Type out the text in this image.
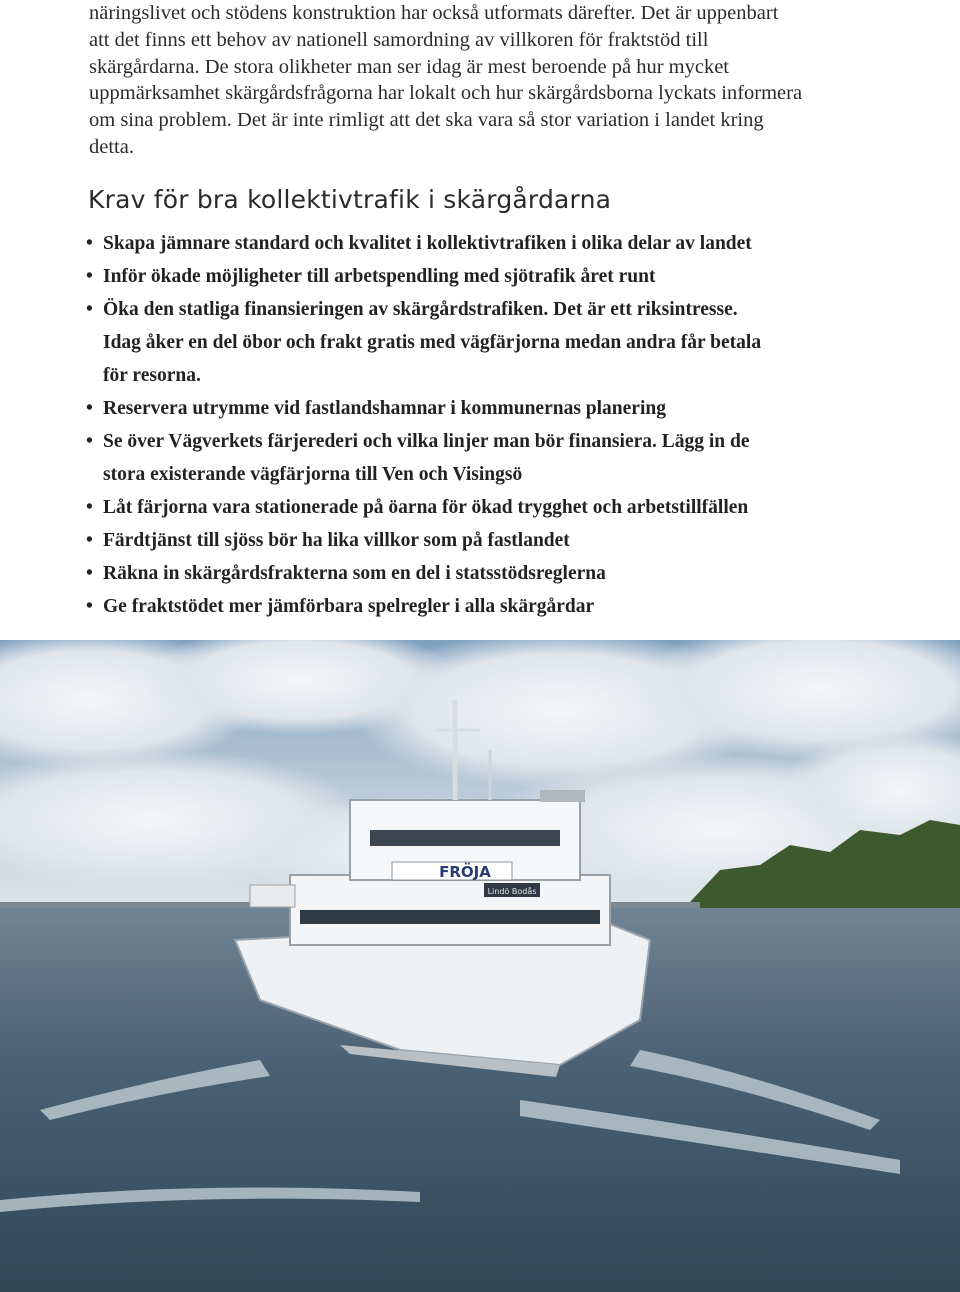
näringslivet och stödens konstruktion har också utformats därefter. Det är uppenbart
att det finns ett behov av nationell samordning av villkoren för fraktstöd till
skärgårdarna. De stora olikheter man ser idag är mest beroende på hur mycket
uppmärksamhet skärgårdsfrågorna har lokalt och hur skärgårdsborna lyckats informera
om sina problem. Det är inte rimligt att det ska vara så stor variation i landet kring
detta.

Krav för bra kollektivtrafik i skärgårdarna
• Skapa jämnare standard och kvalitet i kollektivtrafiken i olika delar av landet
• Inför ökade möjligheter till arbetspendling med sjötrafik året runt
• Öka den statliga finansieringen av skärgårdstrafiken. Det är ett riksintresse.
Idag åker en del öbor och frakt gratis med vägfärjorna medan andra får betala
för resorna.
• Reservera utrymme vid fastlandshamnar i kommunernas planering
• Se över Vägverkets färjerederi och vilka linjer man bör finansiera. Lägg in de
stora existerande vägfärjorna till Ven och Visingsö
• Låt färjorna vara stationerade på öarna för ökad trygghet och arbetstillfällen
• Färdtjänst till sjöss bör ha lika villkor som på fastlandet
• Räkna in skärgårdsfrakterna som en del i statsstödsreglerna
• Ge fraktstödet mer jämförbara spelregler i alla skärgårdar
FRÖJA
Lindö Bodås
